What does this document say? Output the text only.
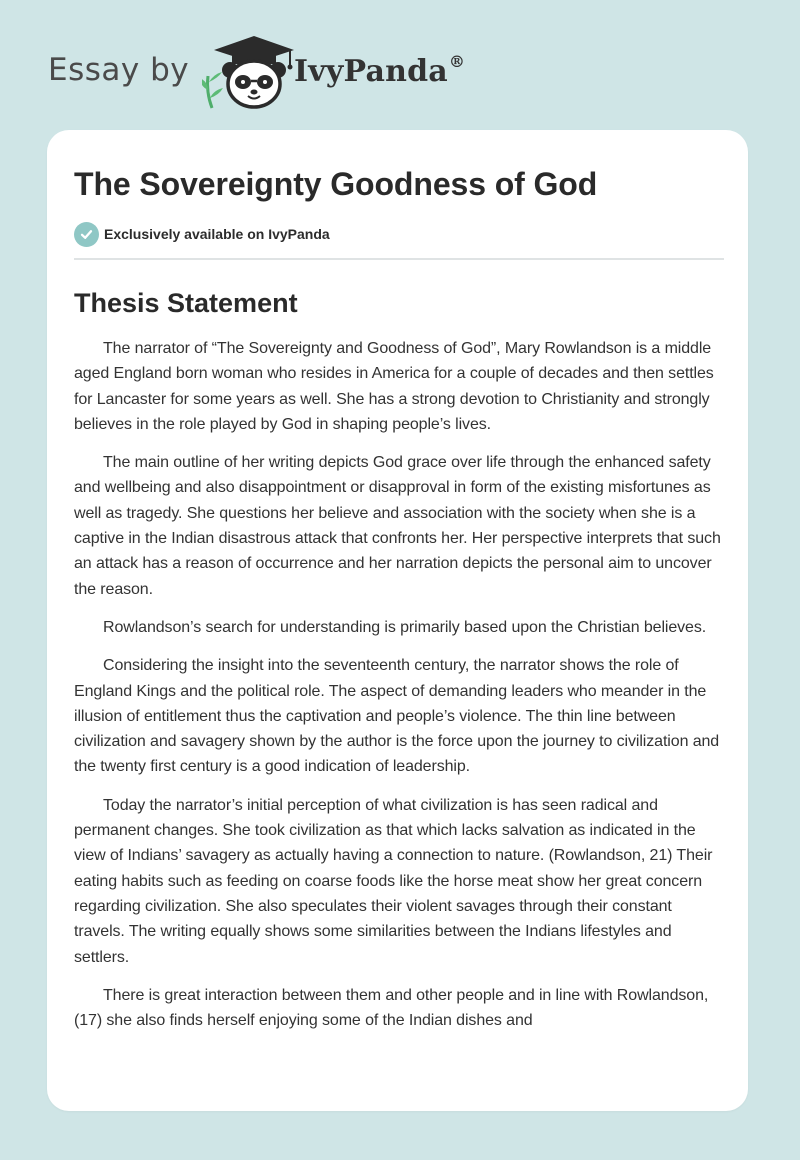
Essay by	IvyPanda®
The Sovereignty Goodness of God
Exclusively available on IvyPanda
Thesis Statement

The narrator of “The Sovereignty and Goodness of God”, Mary Rowlandson is a middle aged England born woman who resides in America for a couple of decades and then settles for Lancaster for some years as well. She has a strong devotion to Christianity and strongly believes in the role played by God in shaping people’s lives.

The main outline of her writing depicts God grace over life through the enhanced safety and wellbeing and also disappointment or disapproval in form of the existing misfortunes as well as tragedy. She questions her believe and association with the society when she is a captive in the Indian disastrous attack that confronts her. Her perspective interprets that such an attack has a reason of occurrence and her narration depicts the personal aim to uncover the reason.

Rowlandson’s search for understanding is primarily based upon the Christian believes.

Considering the insight into the seventeenth century, the narrator shows the role of England Kings and the political role. The aspect of demanding leaders who meander in the illusion of entitlement thus the captivation and people’s violence. The thin line between civilization and savagery shown by the author is the force upon the journey to civilization and the twenty first century is a good indication of leadership.

Today the narrator’s initial perception of what civilization is has seen radical and permanent changes. She took civilization as that which lacks salvation as indicated in the view of Indians’ savagery as actually having a connection to nature. (Rowlandson, 21) Their eating habits such as feeding on coarse foods like the horse meat show her great concern regarding civilization. She also speculates their violent savages through their constant travels. The writing equally shows some similarities between the Indians lifestyles and settlers.

There is great interaction between them and other people and in line with Rowlandson, (17) she also finds herself enjoying some of the Indian dishes and
